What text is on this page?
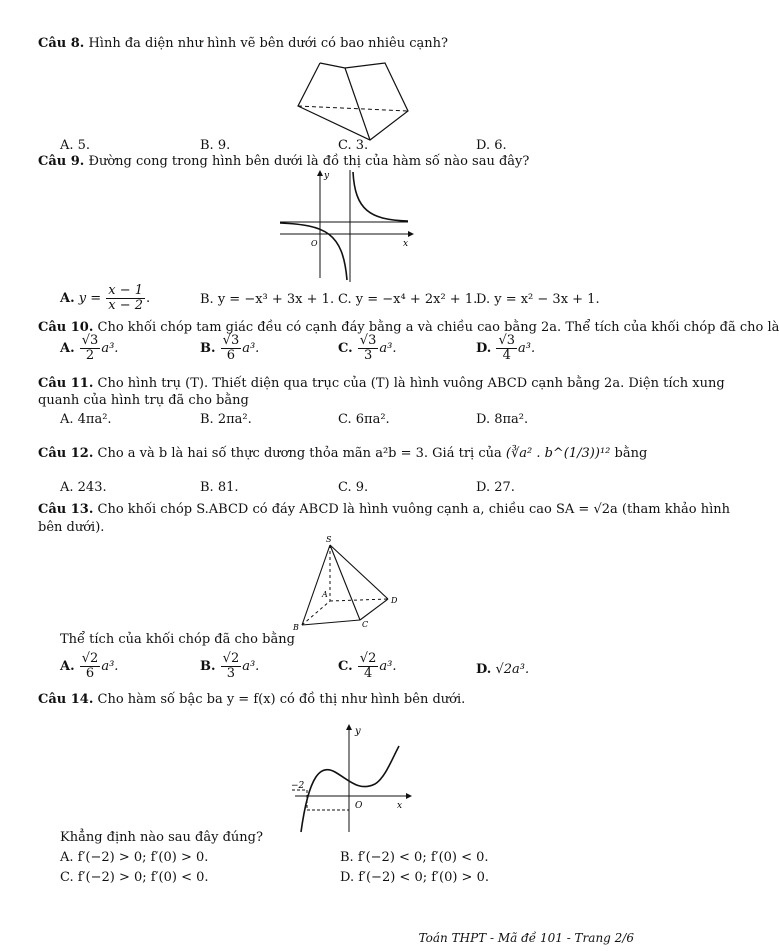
Câu 8. Hình đa diện như hình vẽ bên dưới có bao nhiêu cạnh?
A. 5.	B. 9.	C. 3.	D. 6.
Câu 9. Đường cong trong hình bên dưới là đồ thị của hàm số nào sau đây?
y
x
O
A. $y = \frac{x - 1}{x - 2}$ .	B. y = −x³ + 3x + 1. C. y = −x⁴ + 2x² + 1.
D. y = x² − 3x + 1.
Câu 10. Cho khối chóp tam giác đều có cạnh đáy bằng a và chiều cao bằng 2a. Thể tích của khối chóp đã cho là
A. $\frac{√3}{2} a^3$.	B. $\frac{√3}{6} a^3$.	C. $\frac{√3}{3} a^3$.	D. $\frac{√3}{4} a^3$.
Câu 11. Cho hình trụ (T). Thiết diện qua trục của (T) là hình vuông ABCD cạnh bằng 2a. Diện tích xung
quanh của hình trụ đã cho bằng
A. 4πa².	B. 2πa².	C. 6πa².	D. 8πa².
Câu 12. Cho a và b là hai số thực dương thỏa mãn a²b = 3. Giá trị của (∛a² . b^(1/3))¹² bằng
A. 243.	B. 81.	C. 9.	D. 27.
Câu 13. Cho khối chóp S.ABCD có đáy ABCD là hình vuông cạnh a, chiều cao SA = √2a (tham khảo hình
bên dưới).
S
A
B	C
D
Thể tích của khối chóp đã cho bằng
A. $\frac{√2}{6} a^3$.	B. $\frac{√2}{3} a^3$.	C. $\frac{√2}{4} a^3$.	D. √2a³.
Câu 14. Cho hàm số bậc ba y = f(x) có đồ thị như hình bên dưới.
y
x
O
−2
Khẳng định nào sau đây đúng?
A. f′(−2) > 0; f′(0) > 0.	B. f′(−2) < 0; f′(0) < 0.
C. f′(−2) > 0; f′(0) < 0.	D. f′(−2) < 0; f′(0) > 0.
Toán THPT - Mã đề 101 - Trang 2/6
